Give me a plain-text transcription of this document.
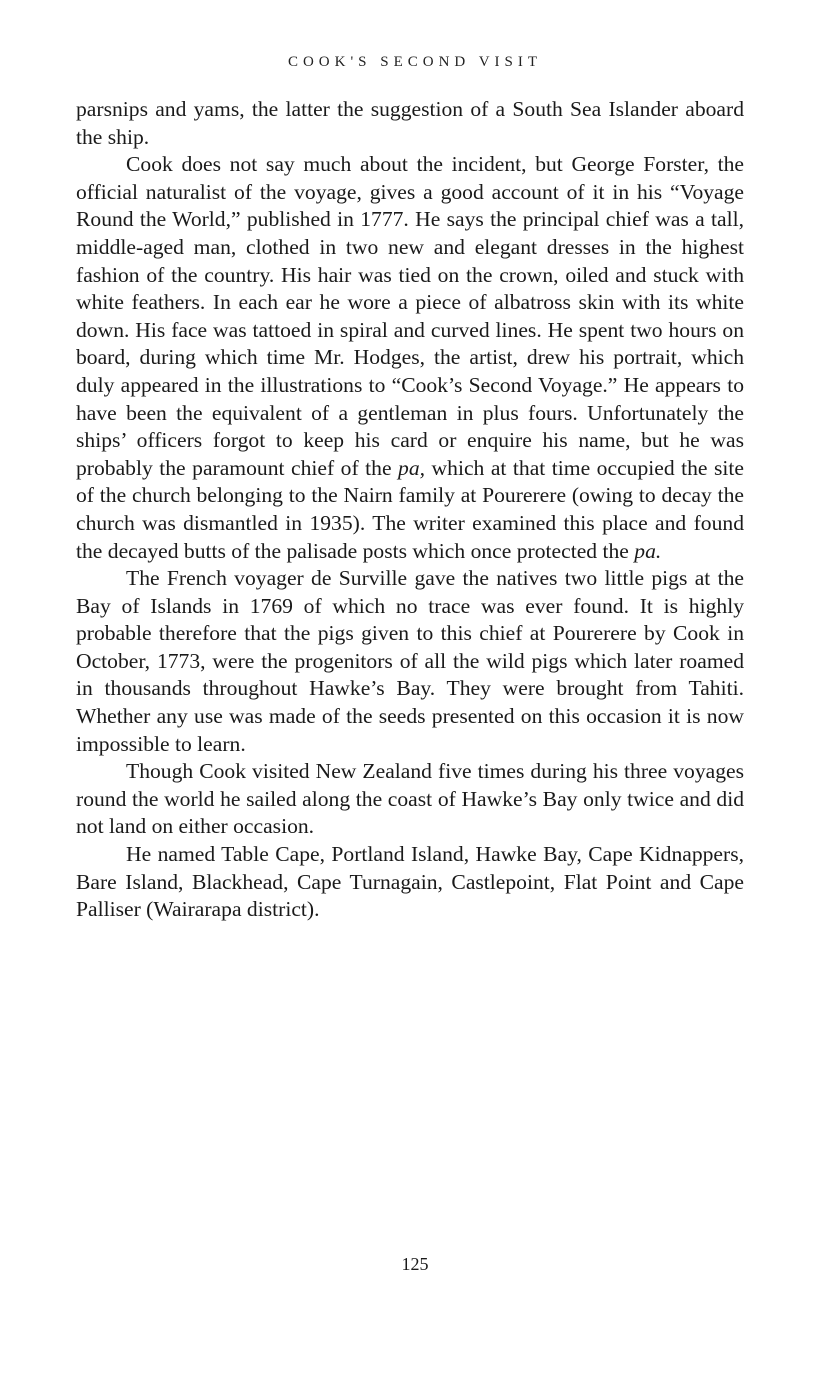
COOK'S SECOND VISIT

parsnips and yams, the latter the suggestion of a South Sea Islander aboard the ship.

Cook does not say much about the incident, but George Forster, the official naturalist of the voyage, gives a good account of it in his “Voyage Round the World,” published in 1777. He says the principal chief was a tall, middle-aged man, clothed in two new and elegant dresses in the highest fashion of the country. His hair was tied on the crown, oiled and stuck with white feathers. In each ear he wore a piece of albatross skin with its white down. His face was tattoed in spiral and curved lines. He spent two hours on board, during which time Mr. Hodges, the artist, drew his portrait, which duly appeared in the illustrations to “Cook’s Second Voyage.” He appears to have been the equivalent of a gentleman in plus fours. Unfortunately the ships’ officers forgot to keep his card or enquire his name, but he was probably the paramount chief of the pa, which at that time occupied the site of the church belonging to the Nairn family at Pourerere (owing to decay the church was dismantled in 1935). The writer examined this place and found the decayed butts of the palisade posts which once protected the pa.

The French voyager de Surville gave the natives two little pigs at the Bay of Islands in 1769 of which no trace was ever found. It is highly probable therefore that the pigs given to this chief at Pourerere by Cook in October, 1773, were the progenitors of all the wild pigs which later roamed in thousands throughout Hawke’s Bay. They were brought from Tahiti. Whether any use was made of the seeds presented on this occasion it is now impossible to learn.

Though Cook visited New Zealand five times during his three voyages round the world he sailed along the coast of Hawke’s Bay only twice and did not land on either occasion.

He named Table Cape, Portland Island, Hawke Bay, Cape Kidnappers, Bare Island, Blackhead, Cape Turnagain, Castlepoint, Flat Point and Cape Palliser (Wairarapa district).

125
